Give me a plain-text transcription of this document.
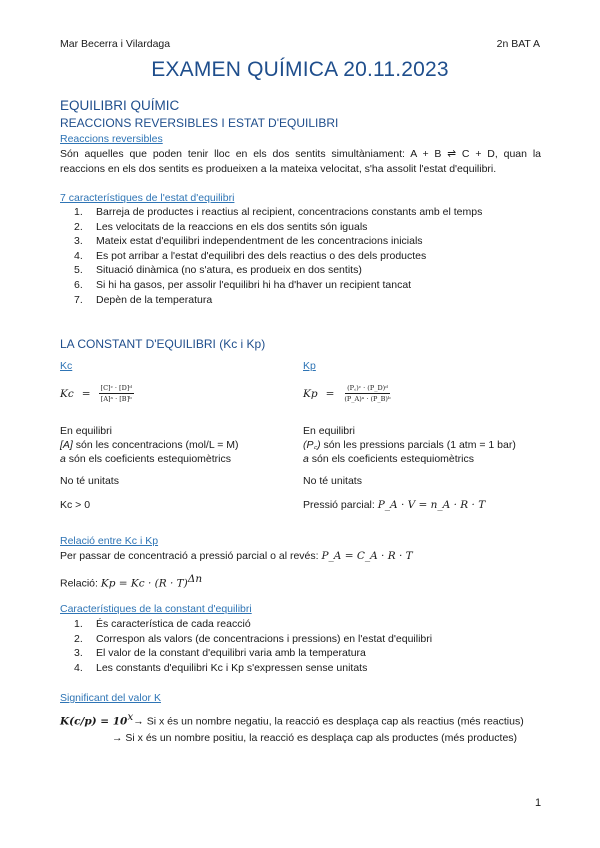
Mar Becerra i Vilardaga	2n BAT A
EXAMEN QUÍMICA 20.11.2023
EQUILIBRI QUÍMIC
REACCIONS REVERSIBLES I ESTAT D'EQUILIBRI
Reaccions reversibles
Són aquelles que poden tenir lloc en els dos sentits simultàniament: A + B ⇌ C + D, quan la
reaccions en els dos sentits es produeixen a la mateixa velocitat, s'ha assolit l'estat d'equilibri.
7 característiques de l'estat d'equilibri
1. Barreja de productes i reactius al recipient, concentracions constants amb el temps
2. Les velocitats de la reaccions en els dos sentits són iguals
3. Mateix estat d'equilibri independentment de les concentracions inicials
4. Es pot arribar a l'estat d'equilibri des dels reactius o des dels productes
5. Situació dinàmica (no s'atura, es produeix en dos sentits)
6. Si hi ha gasos, per assolir l'equilibri hi ha d'haver un recipient tancat
7. Depèn de la temperatura
LA CONSTANT D'EQUILIBRI (Kc i Kp)
Kc
$Kc = \frac{\text{[C]ᶜ · [D]ᵈ}}{\text{[A]ᵃ · [B]ᵇ}}$
En equilibri
[A] són les concentracions (mol/L = M)
a són els coeficients estequiomètrics
No té unitats
Kc > 0
Kp
$Kp = \frac{\text{(P꜀)ᶜ · (P\_D)ᵈ}}{\text{(P\_A)ᵃ · (P\_B)ᵇ}}$
En equilibri
(P꜀) són les pressions parcials (1 atm = 1 bar)
a són els coeficients estequiomètrics
No té unitats
Pressió parcial: P_A · V = n_A · R · T
Relació entre Kc i Kp
Per passar de concentració a pressió parcial o al revés: P_A = C_A · R · T
Relació: $Kp = Kc \cdot (R \cdot T)^{\Delta n}$
Característiques de la constant d'equilibri
1. És característica de cada reacció
2. Correspon als valors (de concentracions i pressions) en l'estat d'equilibri
3. El valor de la constant d'equilibri varia amb la temperatura
4. Les constants d'equilibri Kc i Kp s'expressen sense unitats
Significant del valor K
$K(c/p) = 10^x\to Si$ x és un nombre negatiu, la reacció es desplaça cap als reactius (més reactius)
→ Si x és un nombre positiu, la reacció es desplaça cap als productes (més productes)
1
